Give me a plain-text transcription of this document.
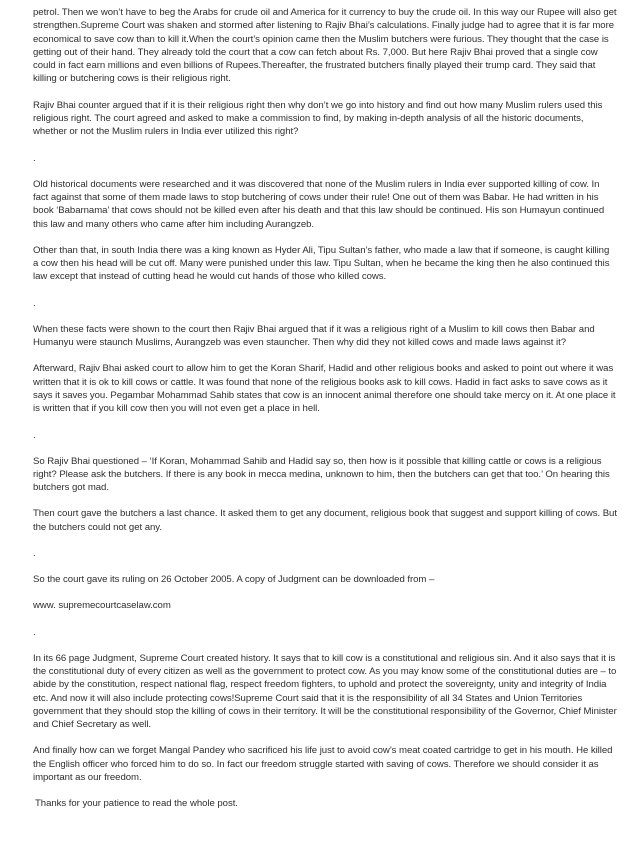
petrol. Then we won’t have to beg the Arabs for crude oil and America for it currency to buy the crude oil. In this way our Rupee will also get strengthen.Supreme Court was shaken and stormed after listening to Rajiv Bhai’s calculations. Finally judge had to agree that it is far more economical to save cow than to kill it.When the court’s opinion came then the Muslim butchers were furious. They thought that the case is getting out of their hand. They already told the court that a cow can fetch about Rs. 7,000. But here Rajiv Bhai proved that a single cow could in fact earn millions and even billions of Rupees.Thereafter, the frustrated butchers finally played their trump card. They said that killing or butchering cows is their religious right.

Rajiv Bhai counter argued that if it is their religious right then why don’t we go into history and find out how many Muslim rulers used this religious right. The court agreed and asked to make a commission to find, by making in-depth analysis of all the historic documents, whether or not the Muslim rulers in India ever utilized this right?

.

Old historical documents were researched and it was discovered that none of the Muslim rulers in India ever supported killing of cow. In fact against that some of them made laws to stop butchering of cows under their rule! One out of them was Babar. He had written in his book ‘Babarnama’ that cows should not be killed even after his death and that this law should be continued. His son Humayun continued this law and many others who came after him including Aurangzeb.

Other than that, in south India there was a king known as Hyder Ali, Tipu Sultan’s father, who made a law that if someone, is caught killing a cow then his head will be cut off. Many were punished under this law. Tipu Sultan, when he became the king then he also continued this law except that instead of cutting head he would cut hands of those who killed cows.

.

When these facts were shown to the court then Rajiv Bhai argued that if it was a religious right of a Muslim to kill cows then Babar and Humanyu were staunch Muslims, Aurangzeb was even stauncher. Then why did they not killed cows and made laws against it?

Afterward, Rajiv Bhai asked court to allow him to get the Koran Sharif, Hadid and other religious books and asked to point out where it was written that it is ok to kill cows or cattle. It was found that none of the religious books ask to kill cows. Hadid in fact asks to save cows as it says it saves you. Pegambar Mohammad Sahib states that cow is an innocent animal therefore one should take mercy on it. At one place it is written that if you kill cow then you will not even get a place in hell.

.

So Rajiv Bhai questioned – ‘If Koran, Mohammad Sahib and Hadid say so, then how is it possible that killing cattle or cows is a religious right? Please ask the butchers. If there is any book in mecca medina, unknown to him, then the butchers can get that too.’ On hearing this butchers got mad.

Then court gave the butchers a last chance. It asked them to get any document, religious book that suggest and support killing of cows. But the butchers could not get any.

.

So the court gave its ruling on 26 October 2005. A copy of Judgment can be downloaded from –

www. supremecourtcaselaw.com

.

In its 66 page Judgment, Supreme Court created history. It says that to kill cow is a constitutional and religious sin. And it also says that it is the constitutional duty of every citizen as well as the government to protect cow. As you may know some of the constitutional duties are – to abide by the constitution, respect national flag, respect freedom fighters, to uphold and protect the sovereignty, unity and integrity of India etc. And now it will also include protecting cows!Supreme Court said that it is the responsibility of all 34 States and Union Territories government that they should stop the killing of cows in their territory. It will be the constitutional responsibility of the Governor, Chief Minister and Chief Secretary as well.

And finally how can we forget Mangal Pandey who sacrificed his life just to avoid cow’s meat coated cartridge to get in his mouth. He killed the English officer who forced him to do so. In fact our freedom struggle started with saving of cows. Therefore we should consider it as important as our freedom.

Thanks for your patience to read the whole post.
